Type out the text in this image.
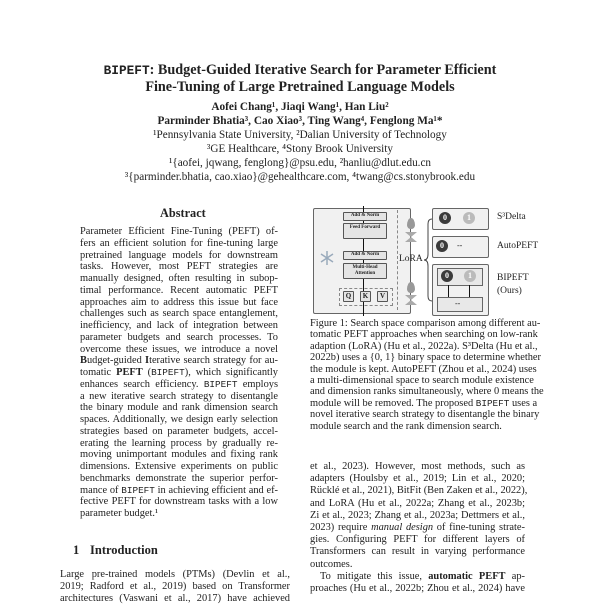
BIPEFT: Budget-Guided Iterative Search for Parameter Efficient
Fine-Tuning of Large Pretrained Language Models
Aofei Chang¹, Jiaqi Wang¹, Han Liu²
Parminder Bhatia³, Cao Xiao³, Ting Wang⁴, Fenglong Ma¹*
¹Pennsylvania State University, ²Dalian University of Technology
³GE Healthcare, ⁴Stony Brook University
¹{aofei, jqwang, fenglong}@psu.edu, ²hanliu@dlut.edu.cn
³{parminder.bhatia, cao.xiao}@gehealthcare.com, ⁴twang@cs.stonybrook.edu
Abstract
Parameter Efficient Fine-Tuning (PEFT) of-
fers an efficient solution for fine-tuning large
pretrained language models for downstream
tasks. However, most PEFT strategies are
manually designed, often resulting in subop-
timal performance. Recent automatic PEFT
approaches aim to address this issue but face
challenges such as search space entanglement,
inefficiency, and lack of integration between
parameter budgets and search processes. To
overcome these issues, we introduce a novel
Budget-guided Iterative search strategy for au-
tomatic PEFT (BIPEFT), which significantly
enhances search efficiency. BIPEFT employs
a new iterative search strategy to disentangle
the binary module and rank dimension search
spaces. Additionally, we design early selection
strategies based on parameter budgets, accel-
erating the learning process by gradually re-
moving unimportant modules and fixing rank
dimensions. Extensive experiments on public
benchmarks demonstrate the superior perfor-
mance of BIPEFT in achieving efficient and ef-
fective PEFT for downstream tasks with a low
parameter budget.¹
1 Introduction
Large pre-trained models (PTMs) (Devlin et al.,
2019; Radford et al., 2019) based on Transformer
architectures (Vaswani et al., 2017) have achieved
Add & Norm
Feed Forward
Add & Norm
Multi-Head Attention
Q	K	V
LoRA
0	1	S³Delta
0	--	AutoPEFT
0	1
--
BIPEFT
(Ours)
Figure 1: Search space comparison among different au-
tomatic PEFT approaches when searching on low-rank
adaption (LoRA) (Hu et al., 2022a). S³Delta (Hu et al.,
2022b) uses a {0, 1} binary space to determine whether
the module is kept. AutoPEFT (Zhou et al., 2024) uses
a multi-dimensional space to search module existence
and dimension ranks simultaneously, where 0 means the
module will be removed. The proposed BIPEFT uses a
novel iterative search strategy to disentangle the binary
module search and the rank dimension search.
et al., 2023). However, most methods, such as
adapters (Houlsby et al., 2019; Lin et al., 2020;
Rücklé et al., 2021), BitFit (Ben Zaken et al., 2022),
and LoRA (Hu et al., 2022a; Zhang et al., 2023b;
Zi et al., 2023; Zhang et al., 2023a; Dettmers et al.,
2023) require manual design of fine-tuning strate-
gies. Configuring PEFT for different layers of
Transformers can result in varying performance
outcomes.
To mitigate this issue, automatic PEFT ap-
proaches (Hu et al., 2022b; Zhou et al., 2024) have
